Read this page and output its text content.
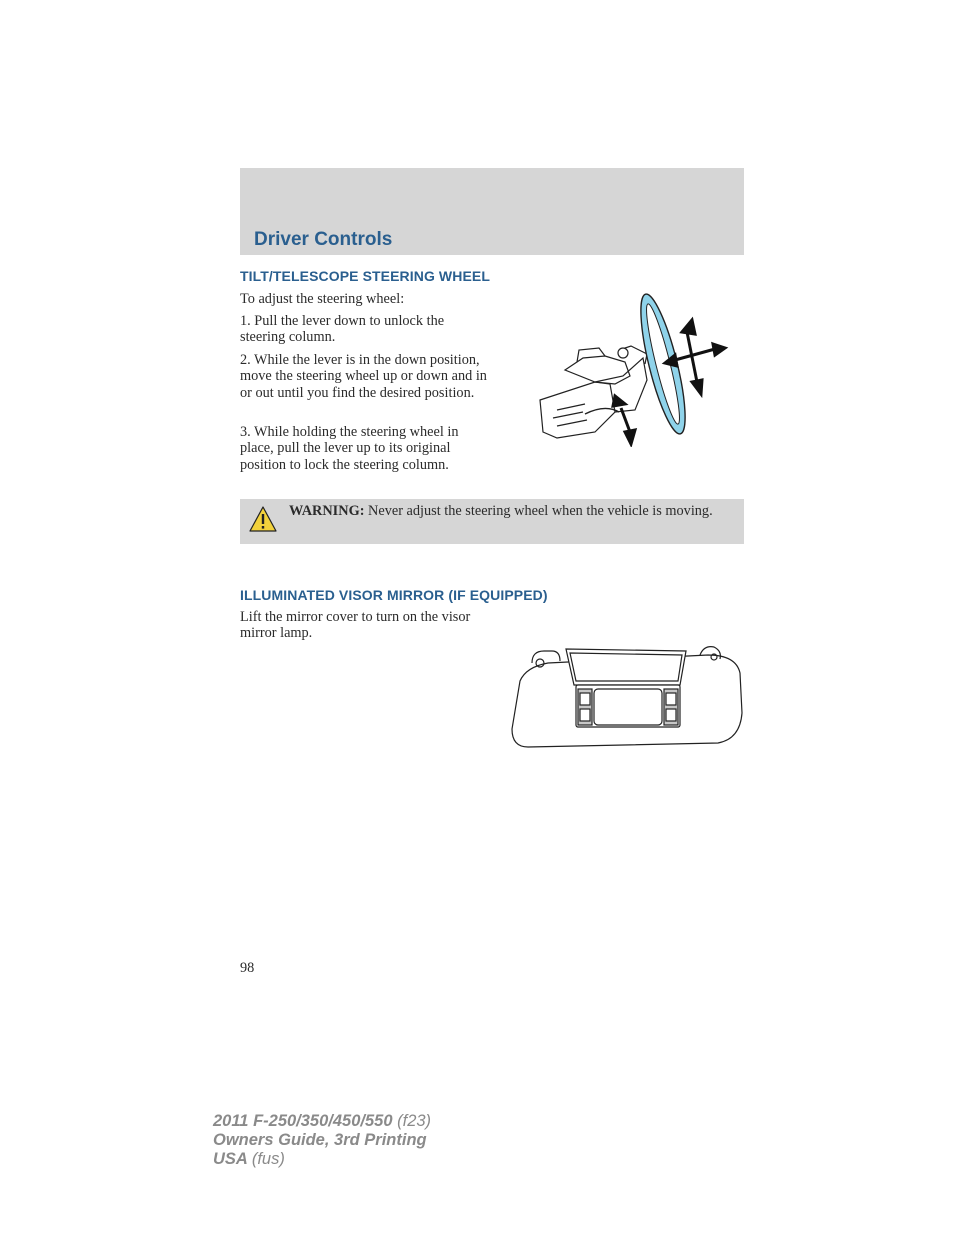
Driver Controls
TILT/TELESCOPE STEERING WHEEL
To adjust the steering wheel:
1. Pull the lever down to unlock the steering column.
2. While the lever is in the down position, move the steering wheel up or down and in or out until you find the desired position.
3. While holding the steering wheel in place, pull the lever up to its original position to lock the steering column.
WARNING: Never adjust the steering wheel when the vehicle is moving.
ILLUMINATED VISOR MIRROR (IF EQUIPPED)
Lift the mirror cover to turn on the visor mirror lamp.
98
2011 F-250/350/450/550 (f23)
Owners Guide, 3rd Printing
USA (fus)
